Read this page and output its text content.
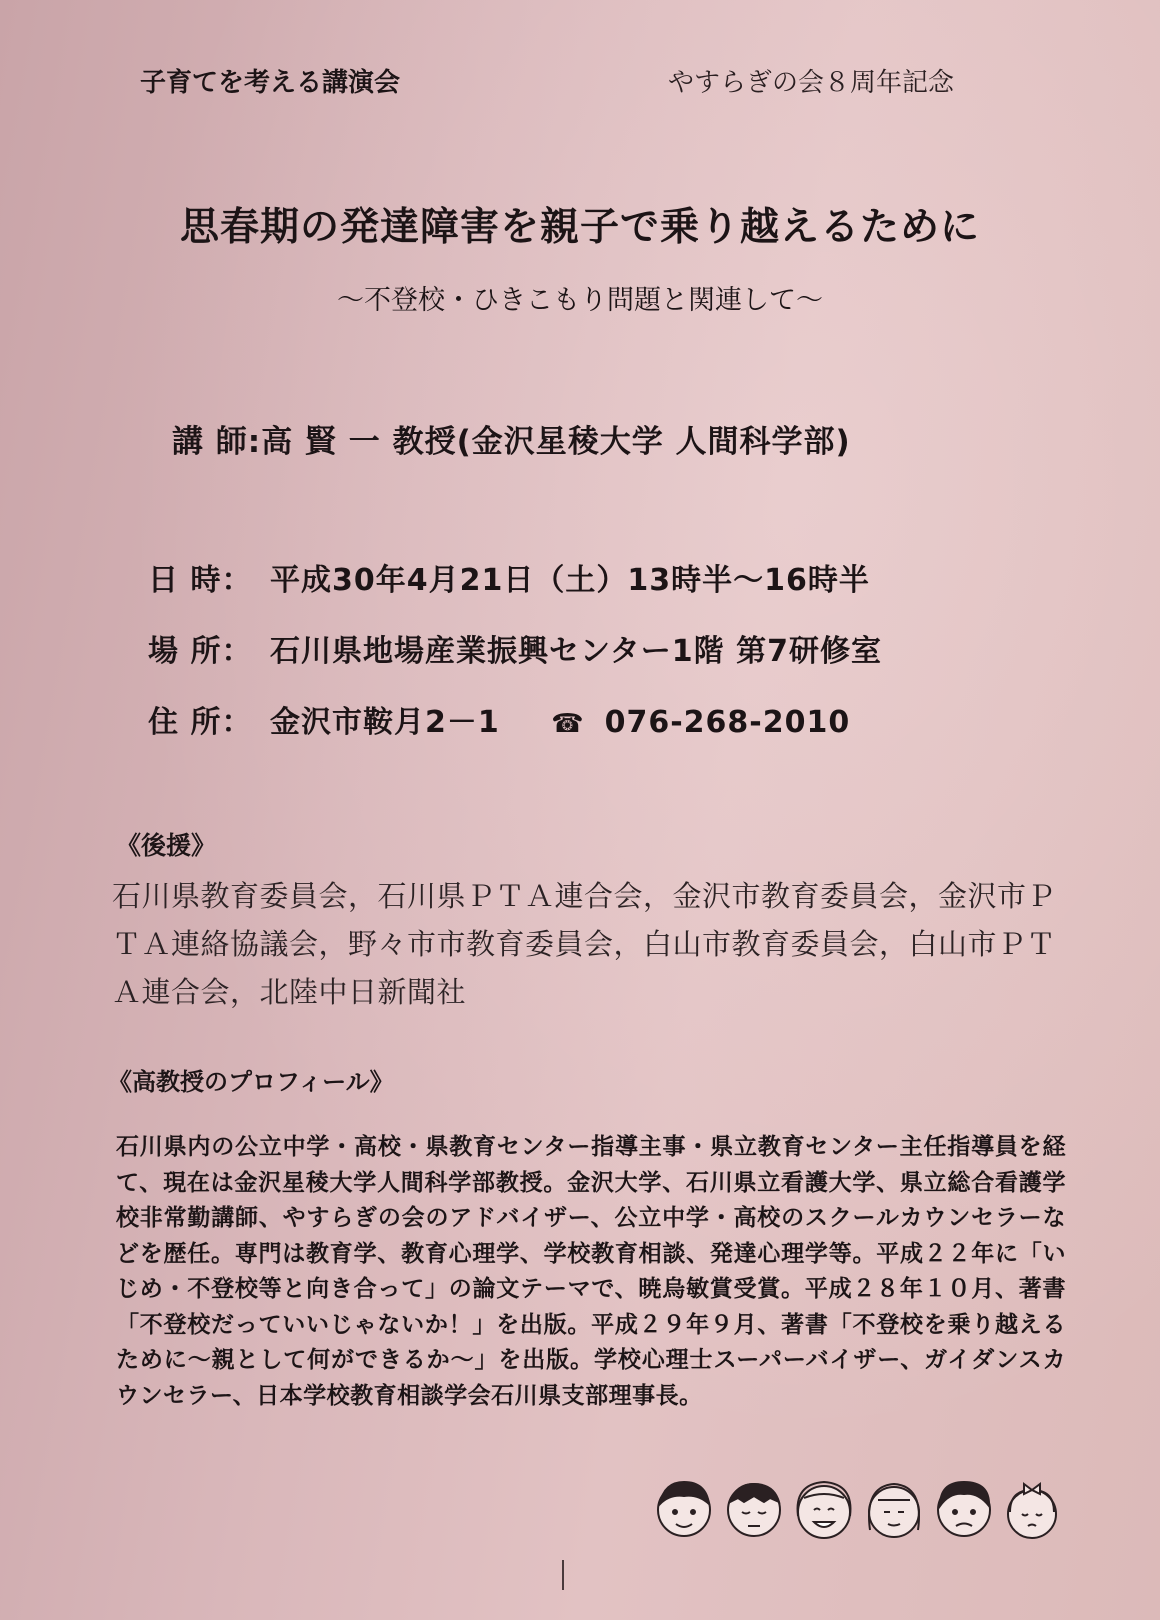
子育てを考える講演会	やすらぎの会８周年記念
思春期の発達障害を親子で乗り越えるために
～不登校・ひきこもり問題と関連して～
講 師:高 賢 一 教授(金沢星稜大学 人間科学部)
日 時： 平成30年4月21日（土）13時半～16時半
場 所： 石川県地場産業振興センター1階 第7研修室
住 所： 金沢市鞍月2－1 ☎ 076-268-2010
《後援》
石川県教育委員会，石川県ＰＴＡ連合会，金沢市教育委員会，金沢市ＰＴＡ連絡協議会，野々市市教育委員会，白山市教育委員会，白山市ＰＴＡ連合会，北陸中日新聞社
《高教授のプロフィール》
石川県内の公立中学・高校・県教育センター指導主事・県立教育センター主任指導員を経て、現在は金沢星稜大学人間科学部教授。金沢大学、石川県立看護大学、県立総合看護学校非常勤講師、やすらぎの会のアドバイザー、公立中学・高校のスクールカウンセラーなどを歴任。専門は教育学、教育心理学、学校教育相談、発達心理学等。平成２２年に「いじめ・不登校等と向き合って」の論文テーマで、暁烏敏賞受賞。平成２８年１０月、著書「不登校だっていいじゃないか！」を出版。平成２９年９月、著書「不登校を乗り越えるために～親として何ができるか～」を出版。学校心理士スーパーバイザー、ガイダンスカウンセラー、日本学校教育相談学会石川県支部理事長。
